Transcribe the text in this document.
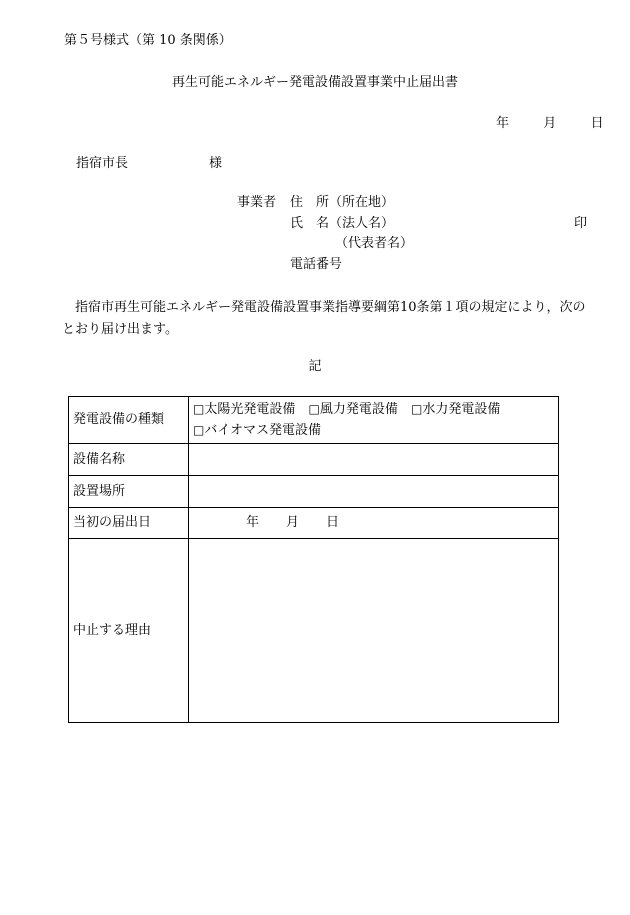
第５号様式（第 10 条関係）
再生可能エネルギー発電設備設置事業中止届出書
年	月	日
指宿市長	様
事業者 住　所（所在地）
氏　名（法人名）
（代表者名）
電話番号
印
指宿市再生可能エネルギー発電設備設置事業指導要綱第10条第１項の規定により，次のとおり届け出ます。
記
発電設備の種類	□太陽光発電設備 □風力発電設備 □水力発電設備
□バイオマス発電設備
設備名称	
設置場所	
当初の届出日	年 月 日
中止する理由	
